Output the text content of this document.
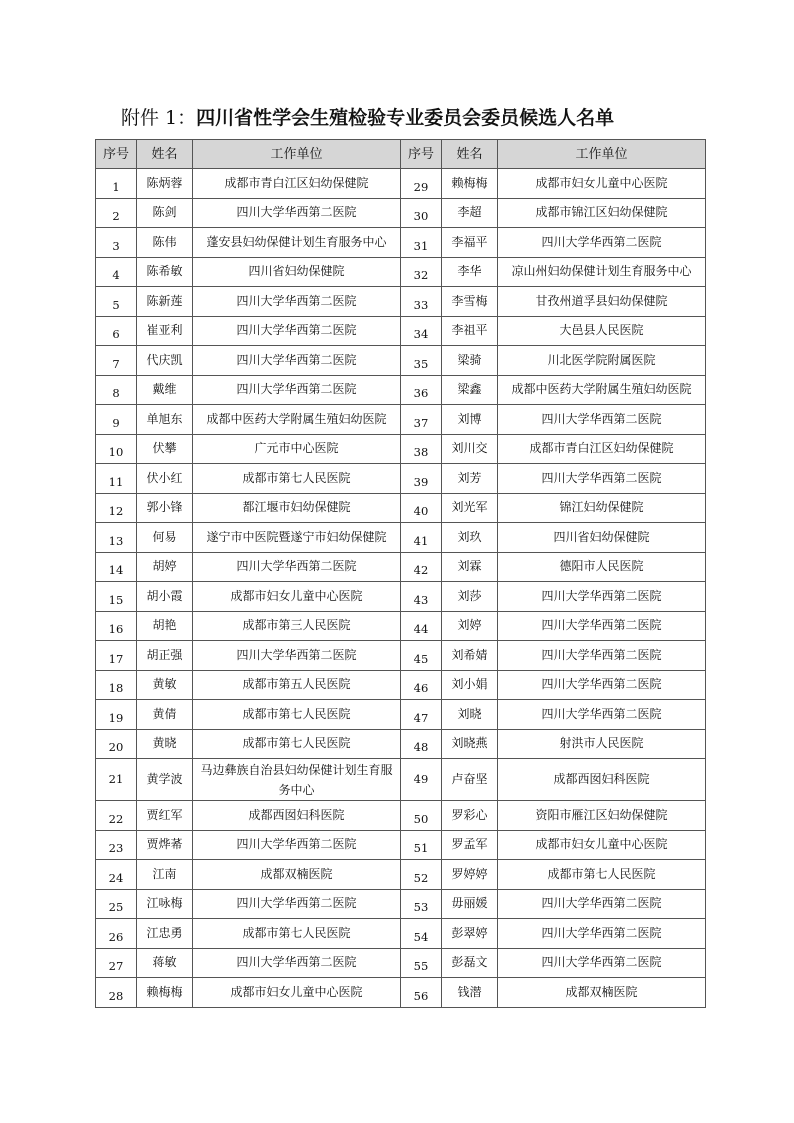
附件 1：四川省性学会生殖检验专业委员会委员候选人名单
序号	姓名	工作单位	序号	姓名	工作单位
1	陈炳蓉	成都市青白江区妇幼保健院	29	赖梅梅	成都市妇女儿童中心医院
2	陈剑	四川大学华西第二医院	30	李超	成都市锦江区妇幼保健院
3	陈伟	蓬安县妇幼保健计划生育服务中心	31	李福平	四川大学华西第二医院
4	陈希敏	四川省妇幼保健院	32	李华	凉山州妇幼保健计划生育服务中心
5	陈新莲	四川大学华西第二医院	33	李雪梅	甘孜州道孚县妇幼保健院
6	崔亚利	四川大学华西第二医院	34	李祖平	大邑县人民医院
7	代庆凯	四川大学华西第二医院	35	梁骑	川北医学院附属医院
8	戴维	四川大学华西第二医院	36	梁鑫	成都中医药大学附属生殖妇幼医院
9	单旭东	成都中医药大学附属生殖妇幼医院	37	刘博	四川大学华西第二医院
10	伏攀	广元市中心医院	38	刘川交	成都市青白江区妇幼保健院
11	伏小红	成都市第七人民医院	39	刘芳	四川大学华西第二医院
12	郭小锋	都江堰市妇幼保健院	40	刘光军	锦江妇幼保健院
13	何易	遂宁市中医院暨遂宁市妇幼保健院	41	刘玖	四川省妇幼保健院
14	胡婷	四川大学华西第二医院	42	刘霖	德阳市人民医院
15	胡小霞	成都市妇女儿童中心医院	43	刘莎	四川大学华西第二医院
16	胡艳	成都市第三人民医院	44	刘婷	四川大学华西第二医院
17	胡正强	四川大学华西第二医院	45	刘希婧	四川大学华西第二医院
18	黄敏	成都市第五人民医院	46	刘小娟	四川大学华西第二医院
19	黄倩	成都市第七人民医院	47	刘晓	四川大学华西第二医院
20	黄晓	成都市第七人民医院	48	刘晓燕	射洪市人民医院
21	黄学波	马边彝族自治县妇幼保健计划生育服务中心	49	卢奋坚	成都西囡妇科医院
22	贾红军	成都西囡妇科医院	50	罗彩心	资阳市雁江区妇幼保健院
23	贾烨莃	四川大学华西第二医院	51	罗孟军	成都市妇女儿童中心医院
24	江南	成都双楠医院	52	罗婷婷	成都市第七人民医院
25	江咏梅	四川大学华西第二医院	53	毋丽媛	四川大学华西第二医院
26	江忠勇	成都市第七人民医院	54	彭翠婷	四川大学华西第二医院
27	蒋敏	四川大学华西第二医院	55	彭磊文	四川大学华西第二医院
28	赖梅梅	成都市妇女儿童中心医院	56	钱潜	成都双楠医院
